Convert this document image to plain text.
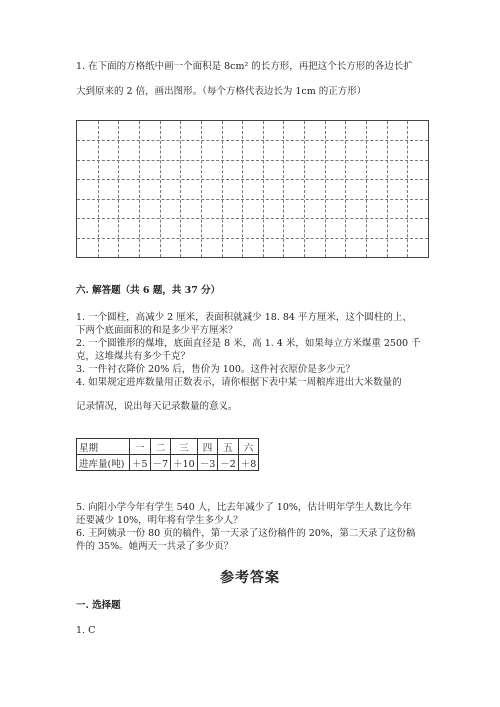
1. 在下面的方格纸中画一个面积是 8cm² 的长方形，再把这个长方形的各边长扩
大到原来的 2 倍，画出图形。（每个方格代表边长为 1cm 的正方形）
六. 解答题（共 6 题，共 37 分）
1. 一个圆柱，高减少 2 厘米，表面积就减少 18. 84 平方厘米，这个圆柱的上、
下两个底面面积的和是多少平方厘米？
2. 一个圆锥形的煤堆，底面直径是 8 米，高 1. 4 米，如果每立方米煤重 2500 千
克，这堆煤共有多少千克？
3. 一件衬衣降价 20% 后，售价为 100。这件衬衣原价是多少元？
4. 如果规定进库数量用正数表示，请你根据下表中某一周粮库进出大米数量的
记录情况，说出每天记录数量的意义。
星期	一	二	三	四	五	六
进库量(吨)	＋5	－7	＋10	－3	－2	＋8
5. 向阳小学今年有学生 540 人，比去年减少了 10%，估计明年学生人数比今年
还要减少 10%，明年将有学生多少人？
6. 王阿姨录一份 80 页的稿件，第一天录了这份稿件的 20%，第二天录了这份稿
件的 35%。她两天一共录了多少页？
参考答案
一. 选择题
1. C
